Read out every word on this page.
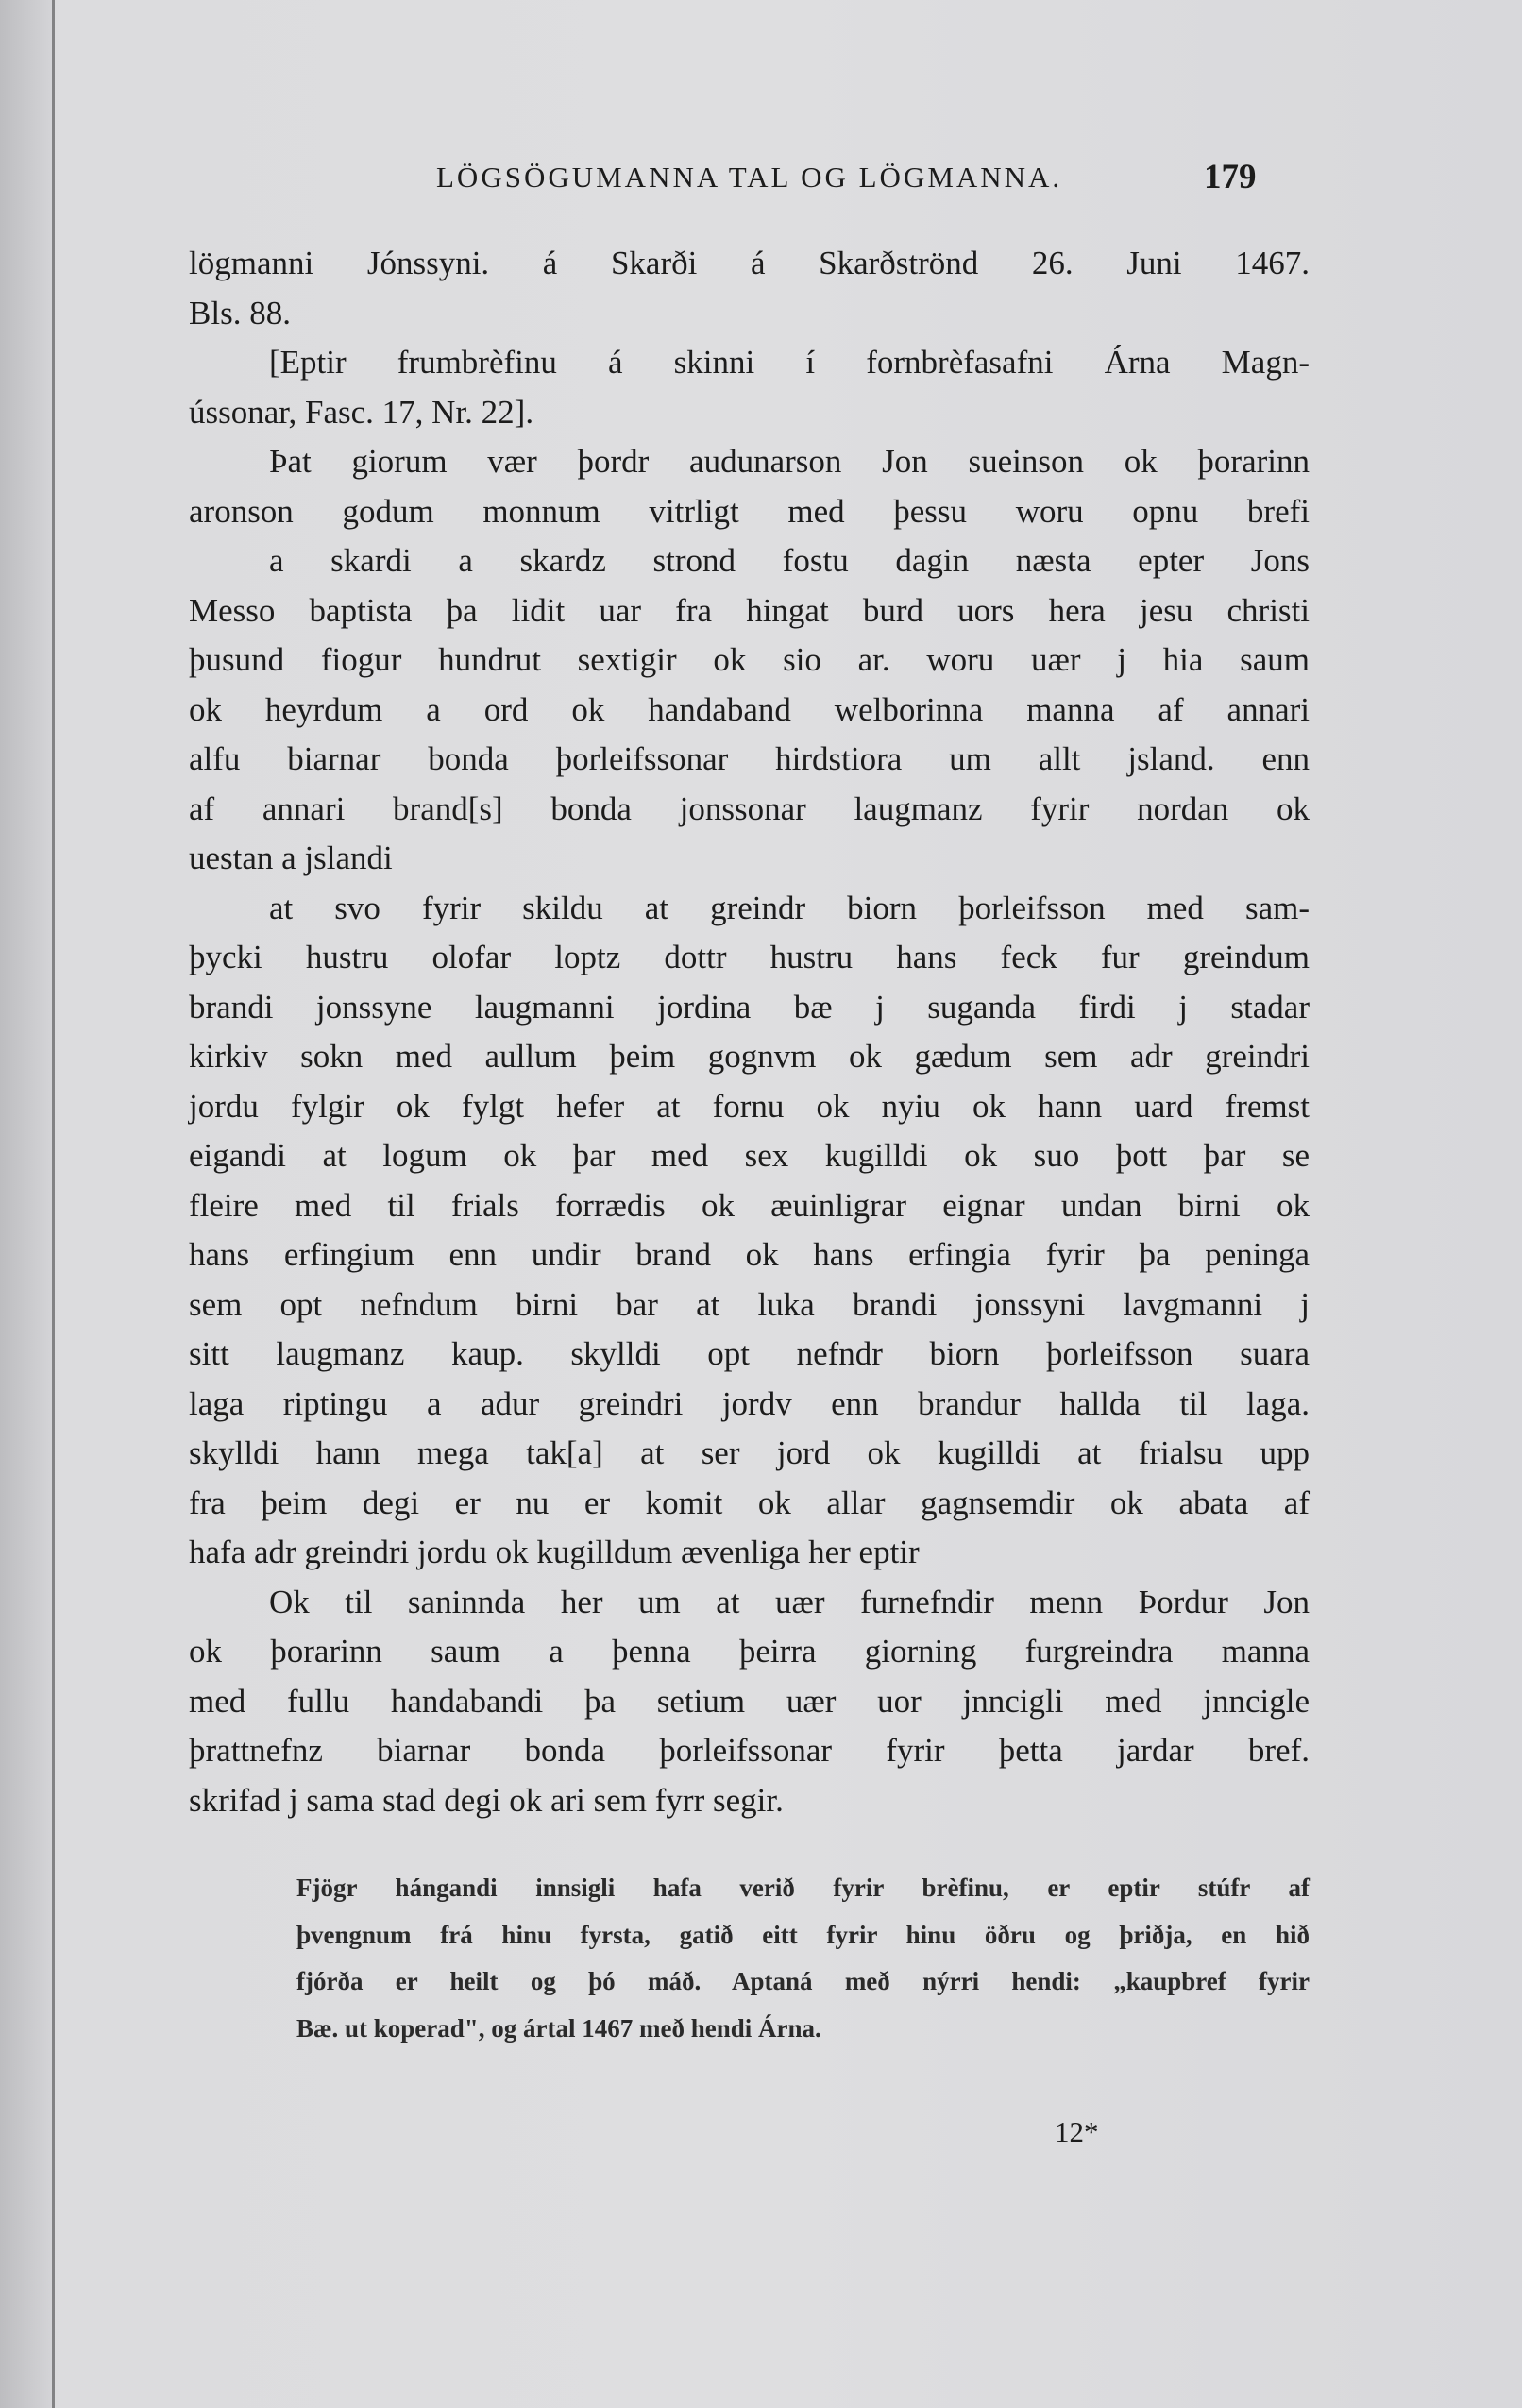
LÖGSÖGUMANNA TAL OG LÖGMANNA.	179
lögmanni Jónssyni. á Skarði á Skarðströnd 26. Juni 1467.
Bls. 88.
[Eptir frumbrèfinu á skinni í fornbrèfasafni Árna Magn-
ússonar, Fasc. 17, Nr. 22].
Þat giorum vær þordr audunarson Jon sueinson ok þorarinn
aronson godum monnum vitrligt med þessu woru opnu brefi
a skardi a skardz strond fostu dagin næsta epter Jons
Messo baptista þa lidit uar fra hingat burd uors hera jesu christi
þusund fiogur hundrut sextigir ok sio ar. woru uær j hia saum
ok heyrdum a ord ok handaband welborinna manna af annari
alfu biarnar bonda þorleifssonar hirdstiora um allt jsland. enn
af annari brand[s] bonda jonssonar laugmanz fyrir nordan ok
uestan a jslandi
at svo fyrir skildu at greindr biorn þorleifsson med sam-
þycki hustru olofar loptz dottr hustru hans feck fur greindum
brandi jonssyne laugmanni jordina bæ j suganda firdi j stadar
kirkiv sokn med aullum þeim gognvm ok gædum sem adr greindri
jordu fylgir ok fylgt hefer at fornu ok nyiu ok hann uard fremst
eigandi at logum ok þar med sex kugilldi ok suo þott þar se
fleire med til frials forrædis ok æuinligrar eignar undan birni ok
hans erfingium enn undir brand ok hans erfingia fyrir þa peninga
sem opt nefndum birni bar at luka brandi jonssyni lavgmanni j
sitt laugmanz kaup. skylldi opt nefndr biorn þorleifsson suara
laga riptingu a adur greindri jordv enn brandur hallda til laga.
skylldi hann mega tak[a] at ser jord ok kugilldi at frialsu upp
fra þeim degi er nu er komit ok allar gagnsemdir ok abata af
hafa adr greindri jordu ok kugilldum ævenliga her eptir
Ok til saninnda her um at uær furnefndir menn Þordur Jon
ok þorarinn saum a þenna þeirra giorning furgreindra manna
med fullu handabandi þa setium uær uor jnncigli med jnncigle
þrattnefnz biarnar bonda þorleifssonar fyrir þetta jardar bref.
skrifad j sama stad degi ok ari sem fyrr segir.
Fjögr hángandi innsigli hafa verið fyrir brèfinu, er eptir stúfr af
þvengnum frá hinu fyrsta, gatið eitt fyrir hinu öðru og þriðja, en hið
fjórða er heilt og þó máð. Aptaná með nýrri hendi: „kaupbref fyrir
Bæ. ut koperad", og ártal 1467 með hendi Árna.
12*
